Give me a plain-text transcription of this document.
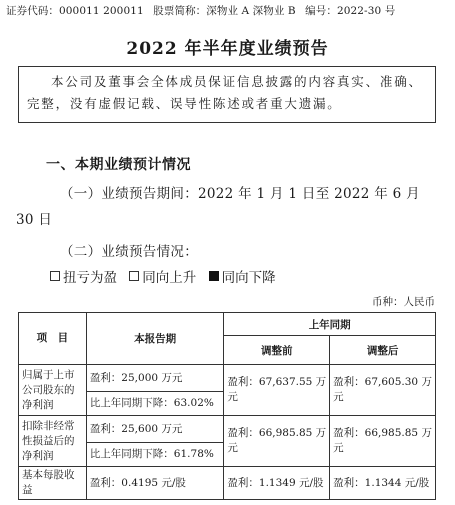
证券代码：000011 200011 股票简称：深物业 A 深物业 B 编号：2022-30 号
2022 年半年度业绩预告
本公司及董事会全体成员保证信息披露的内容真实、准确、完整，没有虚假记载、误导性陈述或者重大遗漏。
一、本期业绩预计情况
（一）业绩预告期间：2022 年 1 月 1 日至 2022 年 6 月
30 日
（二）业绩预告情况：
扭亏为盈
同向上升
同向下降
币种：人民币
项　目	本报告期	上年同期	
		调整前	调整后
归属于上市公司股东的净利润	盈利：25,000 万元	盈利：67,637.55 万元	盈利：67,605.30 万元
	比上年同期下降：63.02%		
扣除非经常性损益后的净利润	盈利：25,600 万元	盈利：66,985.85 万元	盈利：66,985.85 万元
	比上年同期下降：61.78%		
基本每股收益	盈利：0.4195 元/股	盈利：1.1349 元/股	盈利：1.1344 元/股
